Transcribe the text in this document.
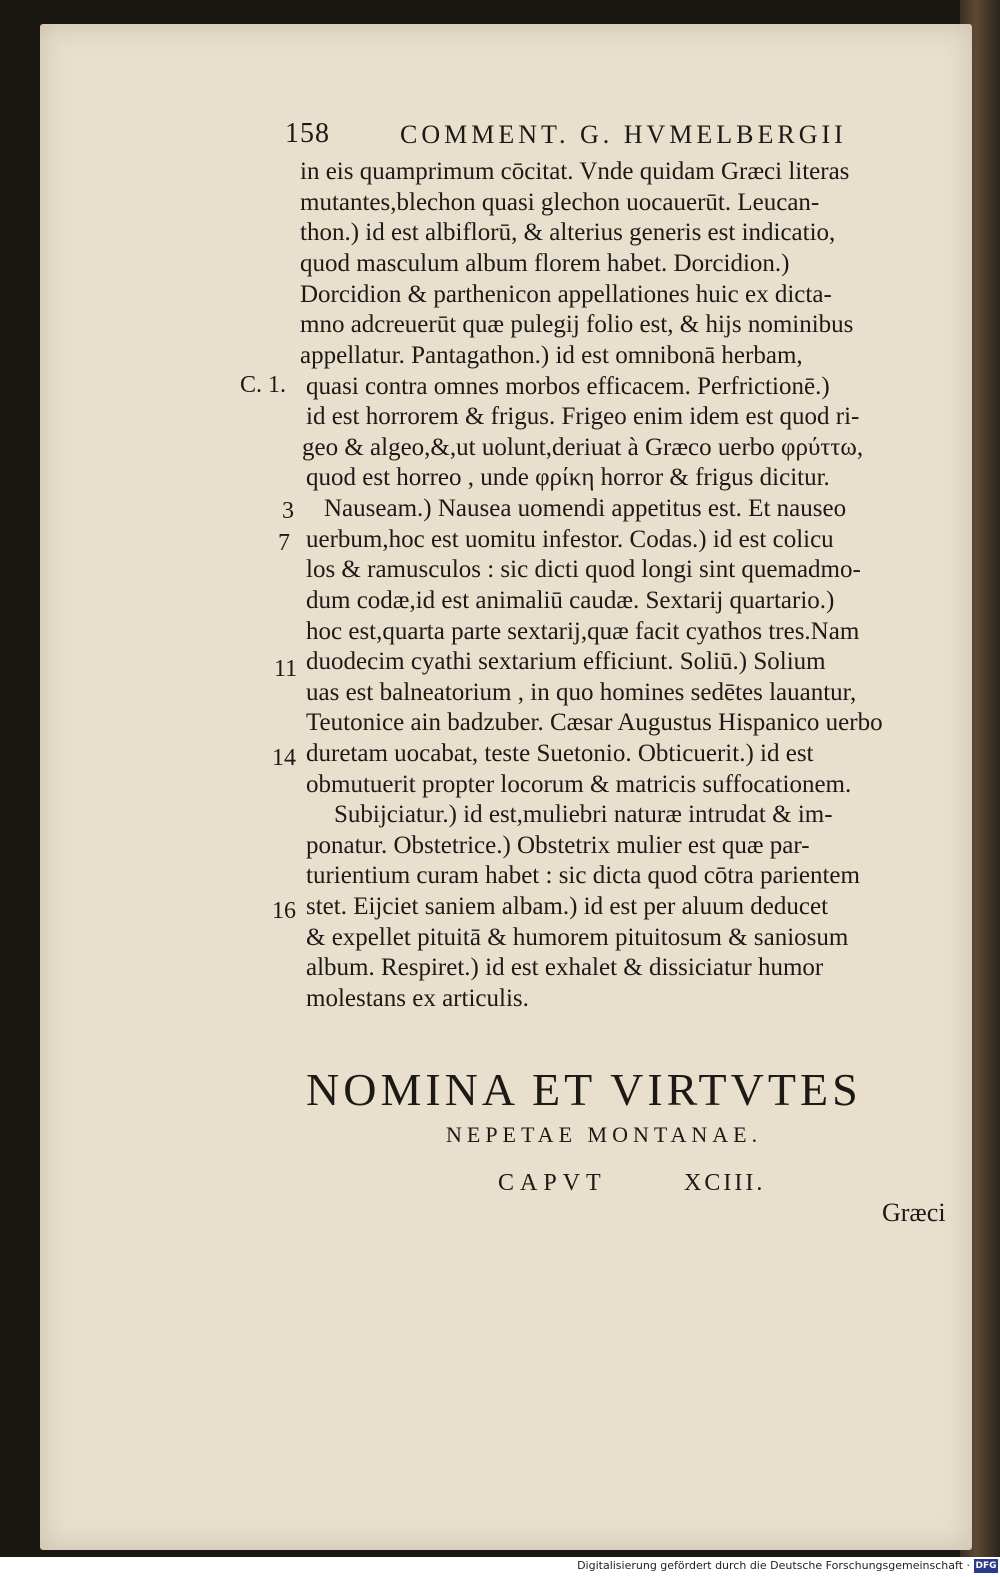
158	COMMENT. G. HVMELBERGII
C. 1.
3
7
11
14
16
in eis quamprimum cōcitat. Vnde quidam Græci literas
mutantes,blechon quasi glechon uocauerūt. Leucan-
thon.) id est albiflorū, & alterius generis est indicatio,
quod masculum album florem habet. Dorcidion.)
Dorcidion & parthenicon appellationes huic ex dicta-
mno adcreuerūt quæ pulegij folio est, & hijs nominibus
appellatur. Pantagathon.) id est omnibonā herbam,
quasi contra omnes morbos efficacem. Perfrictionē.)
id est horrorem & frigus. Frigeo enim idem est quod ri-
geo & algeo,&,ut uolunt,deriuat à Græco uerbo φρύττω,
quod est horreo , unde φρίκη horror & frigus dicitur.
Nauseam.) Nausea uomendi appetitus est. Et nauseo
uerbum,hoc est uomitu infestor. Codas.) id est colicu
los & ramusculos : sic dicti quod longi sint quemadmo-
dum codæ,id est animaliū caudæ. Sextarij quartario.)
hoc est,quarta parte sextarij,quæ facit cyathos tres.Nam
duodecim cyathi sextarium efficiunt. Soliū.) Solium
uas est balneatorium , in quo homines sedētes lauantur,
Teutonice ain badzuber. Cæsar Augustus Hispanico uerbo
duretam uocabat, teste Suetonio. Obticuerit.) id est
obmutuerit propter locorum & matricis suffocationem.
Subijciatur.) id est,muliebri naturæ intrudat & im-
ponatur. Obstetrice.) Obstetrix mulier est quæ par-
turientium curam habet : sic dicta quod cōtra parientem
stet. Eijciet saniem albam.) id est per aluum deducet
& expellet pituitā & humorem pituitosum & saniosum
album. Respiret.) id est exhalet & dissiciatur humor
molestans ex articulis.
NOMINA ET VIRTVTES
NEPETAE MONTANAE.
CAPVT	XCIII.
Græci
Digitalisierung gefördert durch die Deutsche Forschungsgemeinschaft · DFG
